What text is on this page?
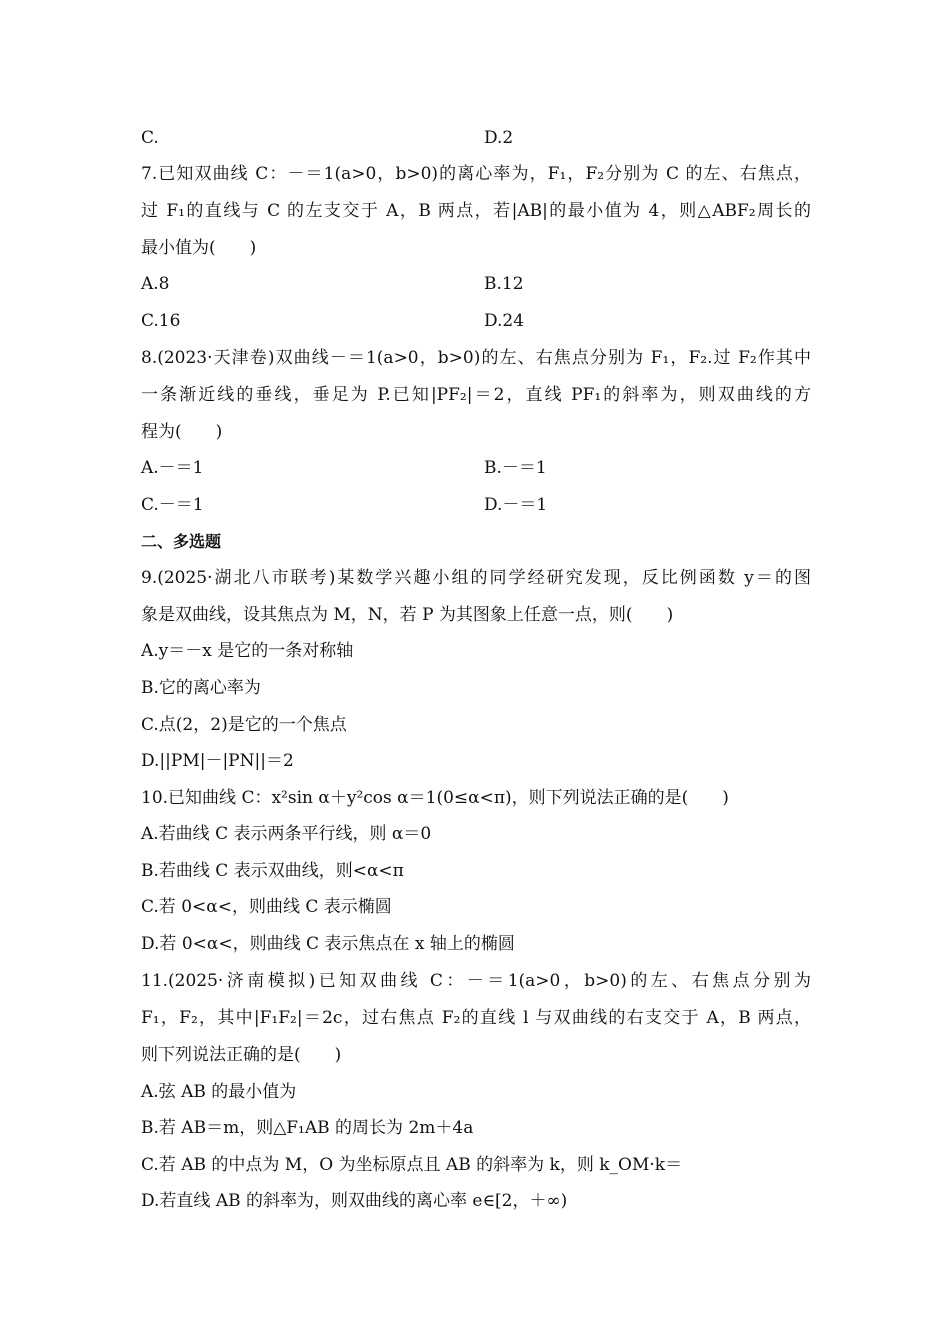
C.	D.2
7.已知双曲线 C：－＝1(a>0，b>0)的离心率为，F₁，F₂分别为 C 的左、右焦点，
过 F₁的直线与 C 的左支交于 A，B 两点，若|AB|的最小值为 4，则△ABF₂周长的
最小值为(　　)
A.8	B.12
C.16	D.24
8.(2023·天津卷)双曲线－＝1(a>0，b>0)的左、右焦点分别为 F₁，F₂.过 F₂作其中
一条渐近线的垂线，垂足为 P.已知|PF₂|＝2，直线 PF₁的斜率为，则双曲线的方
程为(　　)
A.－＝1	B.－＝1
C.－＝1	D.－＝1
二、多选题
9.(2025·湖北八市联考)某数学兴趣小组的同学经研究发现，反比例函数 y＝的图
象是双曲线，设其焦点为 M，N，若 P 为其图象上任意一点，则(　　)
A.y＝－x 是它的一条对称轴
B.它的离心率为
C.点(2，2)是它的一个焦点
D.||PM|－|PN||＝2
10.已知曲线 C：x²sin α＋y²cos α＝1(0≤α<π)，则下列说法正确的是(　　)
A.若曲线 C 表示两条平行线，则 α＝0
B.若曲线 C 表示双曲线，则<α<π
C.若 0<α<，则曲线 C 表示椭圆
D.若 0<α<，则曲线 C 表示焦点在 x 轴上的椭圆
11.(2025·济南模拟)已知双曲线 C：－＝1(a>0，b>0)的左、右焦点分别为
F₁，F₂，其中|F₁F₂|＝2c，过右焦点 F₂的直线 l 与双曲线的右支交于 A，B 两点，
则下列说法正确的是(　　)
A.弦 AB 的最小值为
B.若 AB＝m，则△F₁AB 的周长为 2m＋4a
C.若 AB 的中点为 M，O 为坐标原点且 AB 的斜率为 k，则 k_OM·k＝
D.若直线 AB 的斜率为，则双曲线的离心率 e∈[2，＋∞)
